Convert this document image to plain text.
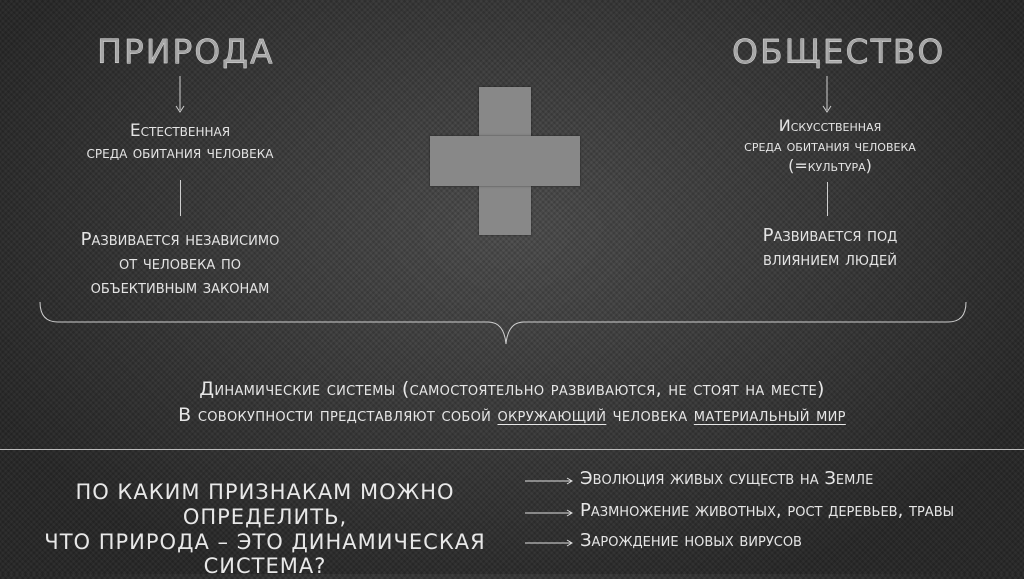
ПРИРОДА
Естественная
среда обитания человека
Развивается независимо
от человека по
объективным законам
ОБЩЕСТВО
Искусственная
среда обитания человека
(=культура)
Развивается под
влиянием людей
Динамические системы (самостоятельно развиваются, не стоят на месте)
В совокупности представляют собой окружающий человека материальный мир
ПО КАКИМ ПРИЗНАКАМ МОЖНО ОПРЕДЕЛИТЬ,
ЧТО ПРИРОДА – ЭТО ДИНАМИЧЕСКАЯ
СИСТЕМА?
Эволюция живых существ на Земле
Размножение животных, рост деревьев, травы
Зарождение новых вирусов
